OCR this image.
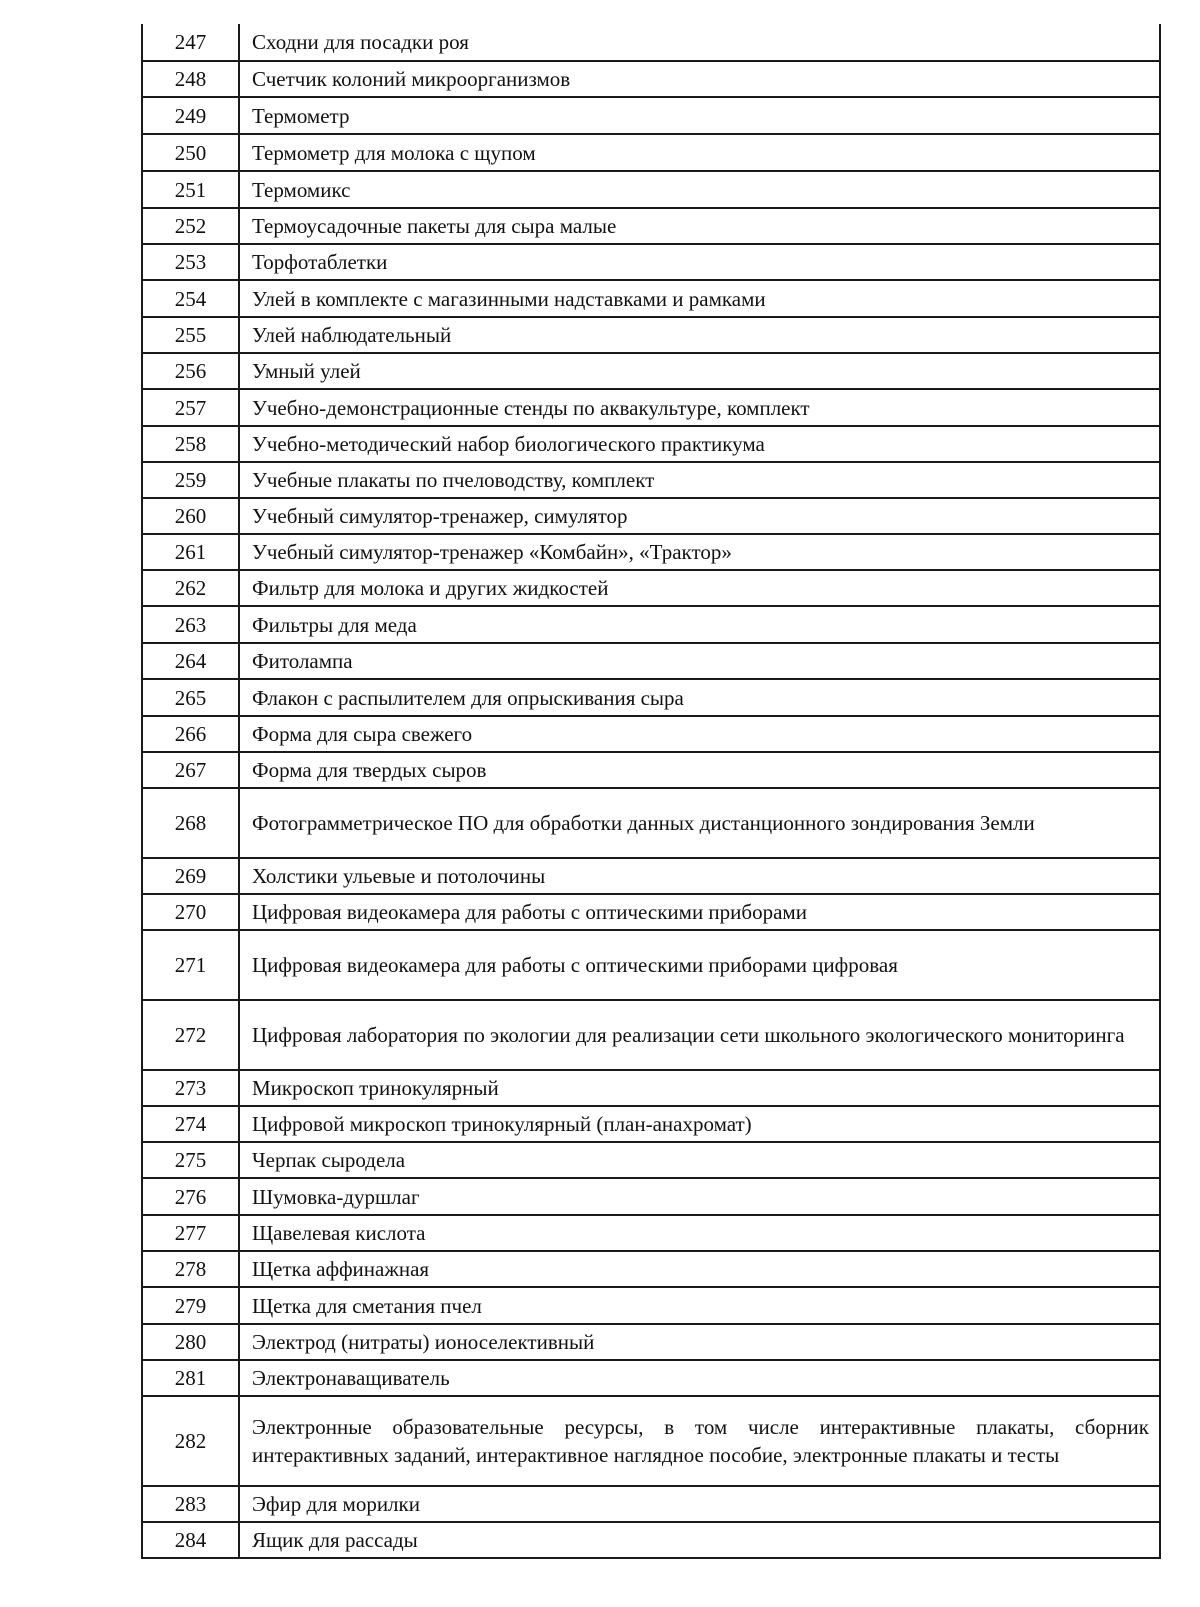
247	Сходни для посадки роя
248	Счетчик колоний микроорганизмов
249	Термометр
250	Термометр для молока с щупом
251	Термомикс
252	Термоусадочные пакеты для сыра малые
253	Торфотаблетки
254	Улей в комплекте с магазинными надставками и рамками
255	Улей наблюдательный
256	Умный улей
257	Учебно-демонстрационные стенды по аквакультуре, комплект
258	Учебно-методический набор биологического практикума
259	Учебные плакаты по пчеловодству, комплект
260	Учебный симулятор-тренажер, симулятор
261	Учебный симулятор-тренажер «Комбайн», «Трактор»
262	Фильтр для молока и других жидкостей
263	Фильтры для меда
264	Фитолампа
265	Флакон с распылителем для опрыскивания сыра
266	Форма для сыра свежего
267	Форма для твердых сыров
268	Фотограмметрическое ПО для обработки данных дистанционного зондирования Земли
269	Холстики ульевые и потолочины
270	Цифровая видеокамера для работы с оптическими приборами
271	Цифровая видеокамера для работы с оптическими приборами цифровая
272	Цифровая лаборатория по экологии для реализации сети школьного экологического мониторинга
273	Микроскоп тринокулярный
274	Цифровой микроскоп тринокулярный (план-анахромат)
275	Черпак сыродела
276	Шумовка-дуршлаг
277	Щавелевая кислота
278	Щетка аффинажная
279	Щетка для сметания пчел
280	Электрод (нитраты) ионоселективный
281	Электронаващиватель
282	Электронные образовательные ресурсы, в том числе интерактивные плакаты, сборник интерактивных заданий, интерактивное наглядное пособие, электронные плакаты и тесты
283	Эфир для морилки
284	Ящик для рассады
